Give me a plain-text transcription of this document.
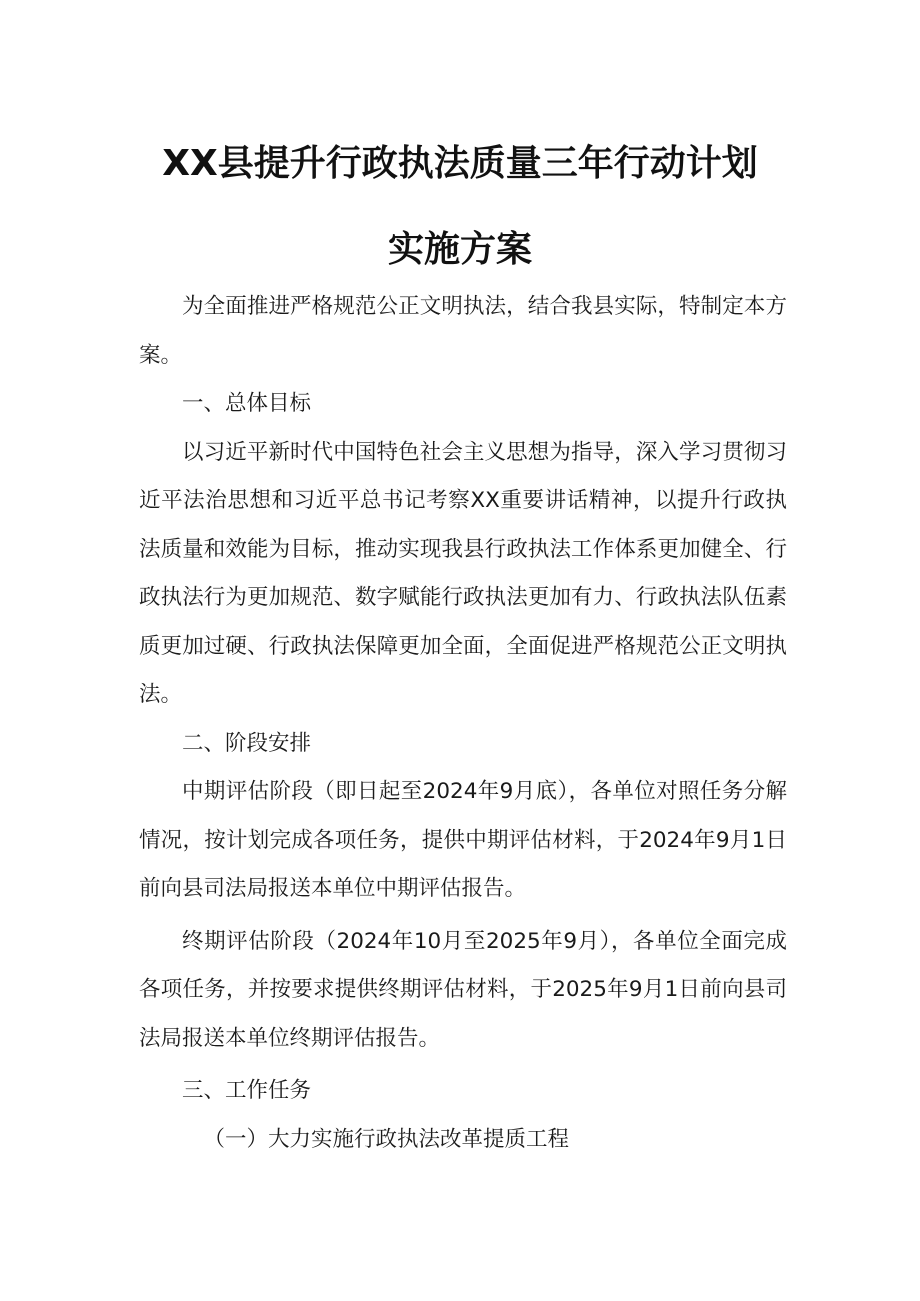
XX县提升行政执法质量三年行动计划
实施方案

为全面推进严格规范公正文明执法，结合我县实际，特制定本方案。

一、总体目标

以习近平新时代中国特色社会主义思想为指导，深入学习贯彻习近平法治思想和习近平总书记考察XX重要讲话精神，以提升行政执法质量和效能为目标，推动实现我县行政执法工作体系更加健全、行政执法行为更加规范、数字赋能行政执法更加有力、行政执法队伍素质更加过硬、行政执法保障更加全面，全面促进严格规范公正文明执法。

二、阶段安排

中期评估阶段（即日起至2024年9月底），各单位对照任务分解情况，按计划完成各项任务，提供中期评估材料，于2024年9月1日前向县司法局报送本单位中期评估报告。

终期评估阶段（2024年10月至2025年9月），各单位全面完成各项任务，并按要求提供终期评估材料，于2025年9月1日前向县司法局报送本单位终期评估报告。

三、工作任务

（一）大力实施行政执法改革提质工程
